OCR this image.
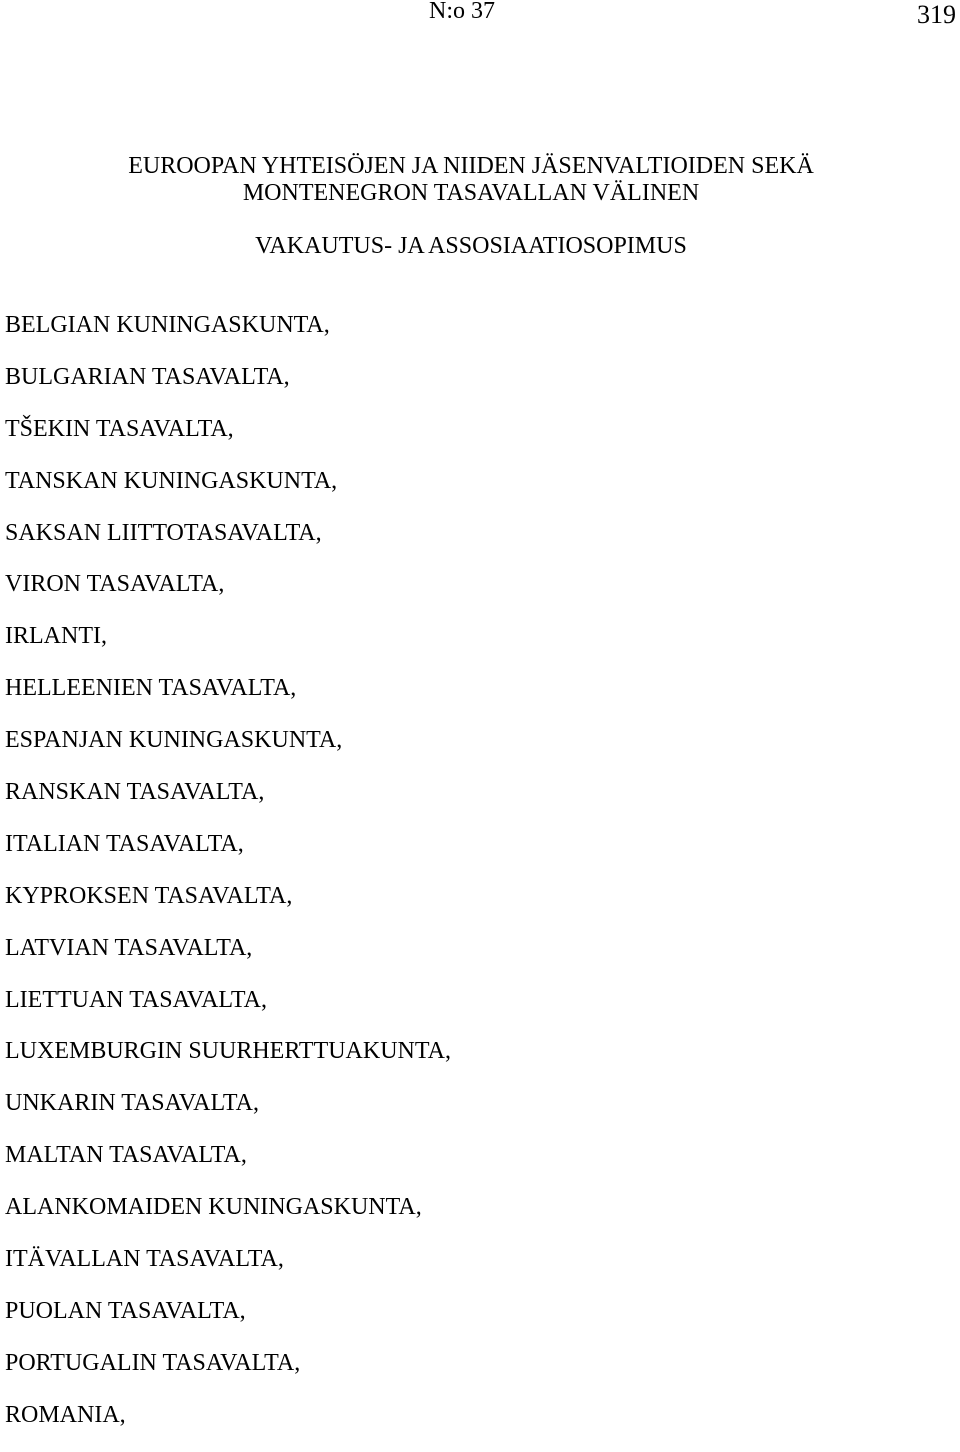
N:o 37	319
EUROOPAN YHTEISÖJEN JA NIIDEN JÄSENVALTIOIDEN SEKÄ
MONTENEGRON TASAVALLAN VÄLINEN
VAKAUTUS- JA ASSOSIAATIOSOPIMUS
BELGIAN KUNINGASKUNTA,
BULGARIAN TASAVALTA,
TŠEKIN TASAVALTA,
TANSKAN KUNINGASKUNTA,
SAKSAN LIITTOTASAVALTA,
VIRON TASAVALTA,
IRLANTI,
HELLEENIEN TASAVALTA,
ESPANJAN KUNINGASKUNTA,
RANSKAN TASAVALTA,
ITALIAN TASAVALTA,
KYPROKSEN TASAVALTA,
LATVIAN TASAVALTA,
LIETTUAN TASAVALTA,
LUXEMBURGIN SUURHERTTUAKUNTA,
UNKARIN TASAVALTA,
MALTAN TASAVALTA,
ALANKOMAIDEN KUNINGASKUNTA,
ITÄVALLAN TASAVALTA,
PUOLAN TASAVALTA,
PORTUGALIN TASAVALTA,
ROMANIA,
